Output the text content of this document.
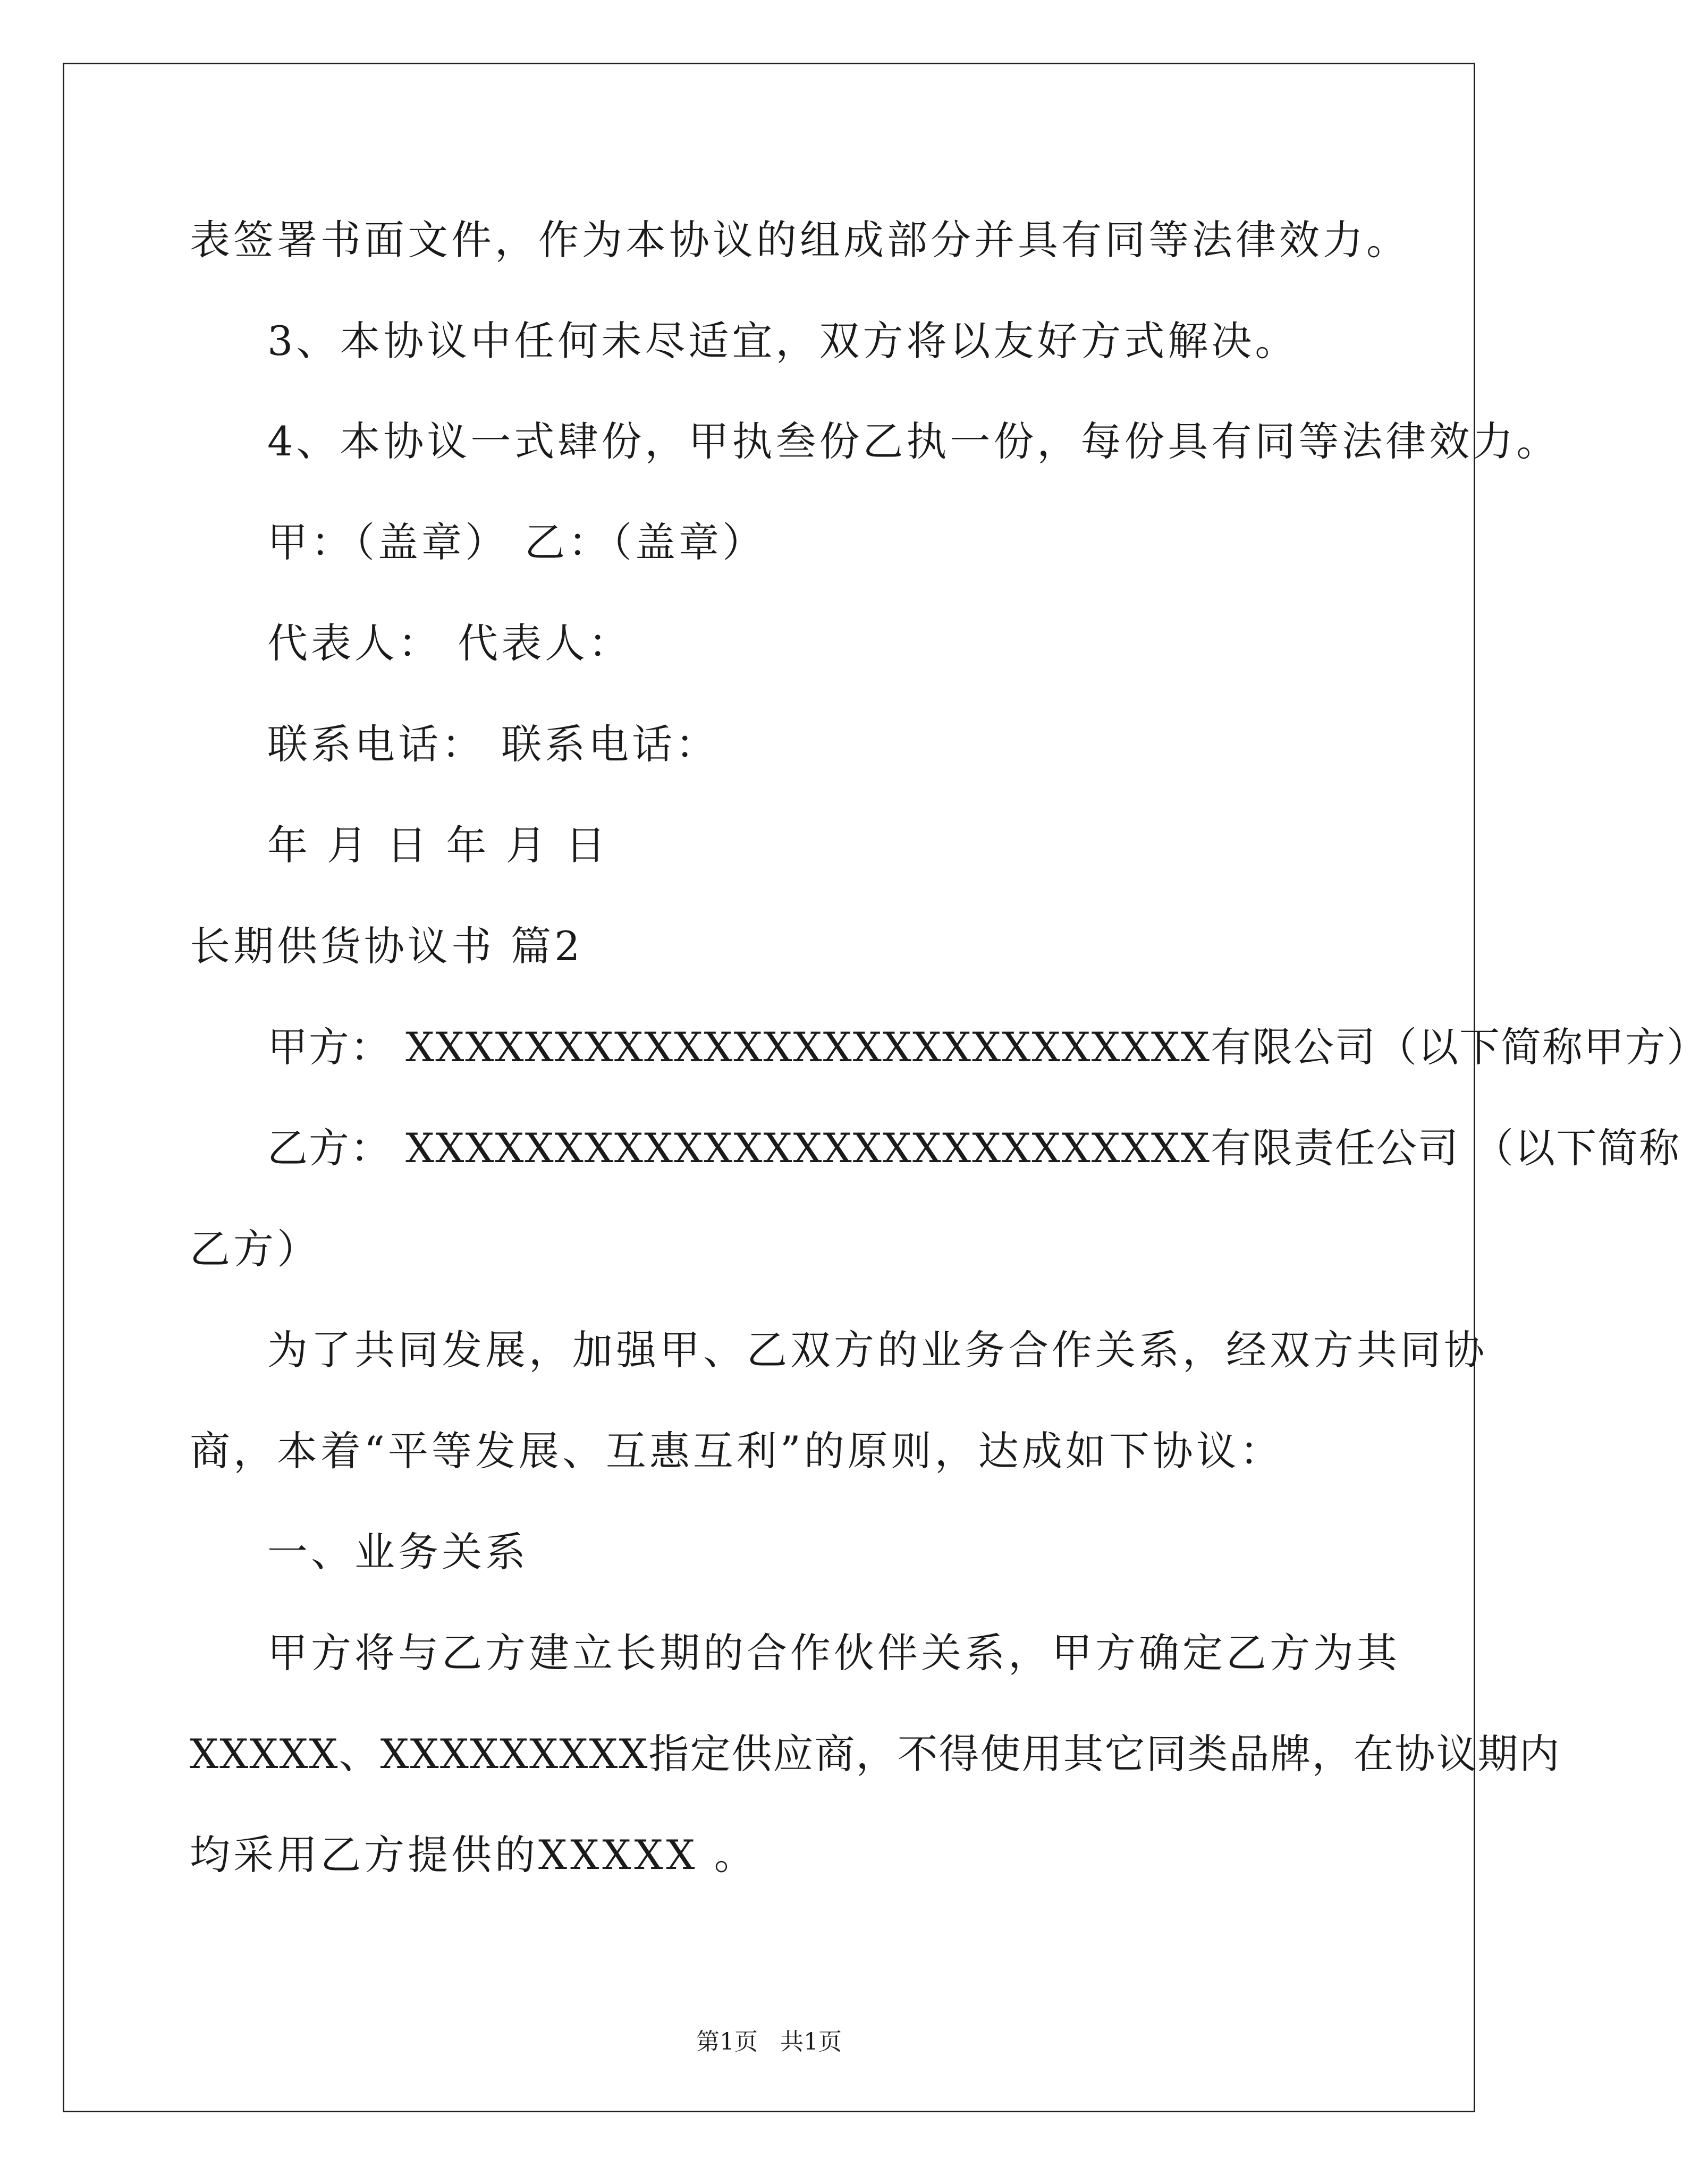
表签署书面文件，作为本协议的组成部分并具有同等法律效力。
3、本协议中任何未尽适宜，双方将以友好方式解决。
4、本协议一式肆份，甲执叁份乙执一份，每份具有同等法律效力。
甲：（盖章） 乙：（盖章）
代表人： 代表人：
联系电话： 联系电话：
年 月 日 年 月 日
长期供货协议书 篇2
甲方： XXXXXXXXXXXXXXXXXXXXXXXXXXX有限公司（以下简称甲方）
乙方： XXXXXXXXXXXXXXXXXXXXXXXXXXX有限责任公司 （以下简称
乙方）
为了共同发展，加强甲、乙双方的业务合作关系，经双方共同协
商，本着“平等发展、互惠互利”的原则，达成如下协议：
一、业务关系
甲方将与乙方建立长期的合作伙伴关系，甲方确定乙方为其
XXXXX、XXXXXXXXX指定供应商，不得使用其它同类品牌，在协议期内
均采用乙方提供的XXXXX 。
第1页   共1页
